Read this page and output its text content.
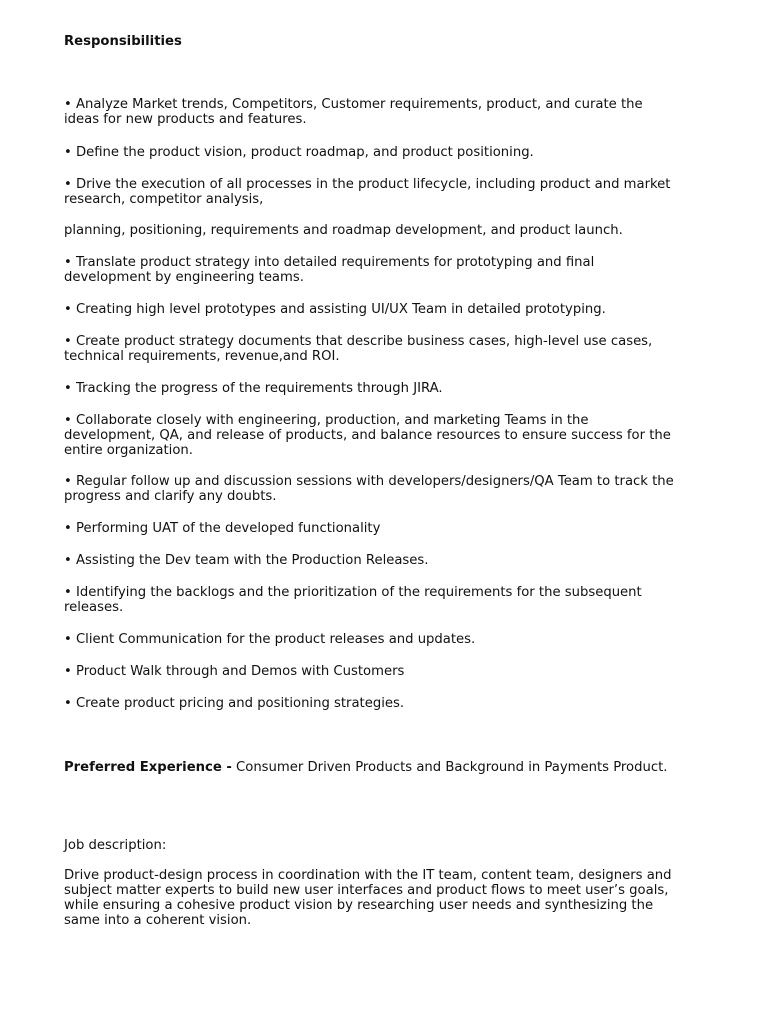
Responsibilities

• Analyze Market trends, Competitors, Customer requirements, product, and curate the ideas for new products and features.

• Define the product vision, product roadmap, and product positioning.

• Drive the execution of all processes in the product lifecycle, including product and market research, competitor analysis,

planning, positioning, requirements and roadmap development, and product launch.

• Translate product strategy into detailed requirements for prototyping and final development by engineering teams.

• Creating high level prototypes and assisting UI/UX Team in detailed prototyping.

• Create product strategy documents that describe business cases, high-level use cases, technical requirements, revenue,and ROI.

• Tracking the progress of the requirements through JIRA.

• Collaborate closely with engineering, production, and marketing Teams in the development, QA, and release of products, and balance resources to ensure success for the entire organization.

• Regular follow up and discussion sessions with developers/designers/QA Team to track the progress and clarify any doubts.

• Performing UAT of the developed functionality

• Assisting the Dev team with the Production Releases.

• Identifying the backlogs and the prioritization of the requirements for the subsequent releases.

• Client Communication for the product releases and updates.

• Product Walk through and Demos with Customers

• Create product pricing and positioning strategies.

Preferred Experience - Consumer Driven Products and Background in Payments Product.

Job description:

Drive product-design process in coordination with the IT team, content team, designers and subject matter experts to build new user interfaces and product flows to meet user’s goals, while ensuring a cohesive product vision by researching user needs and synthesizing the same into a coherent vision.
